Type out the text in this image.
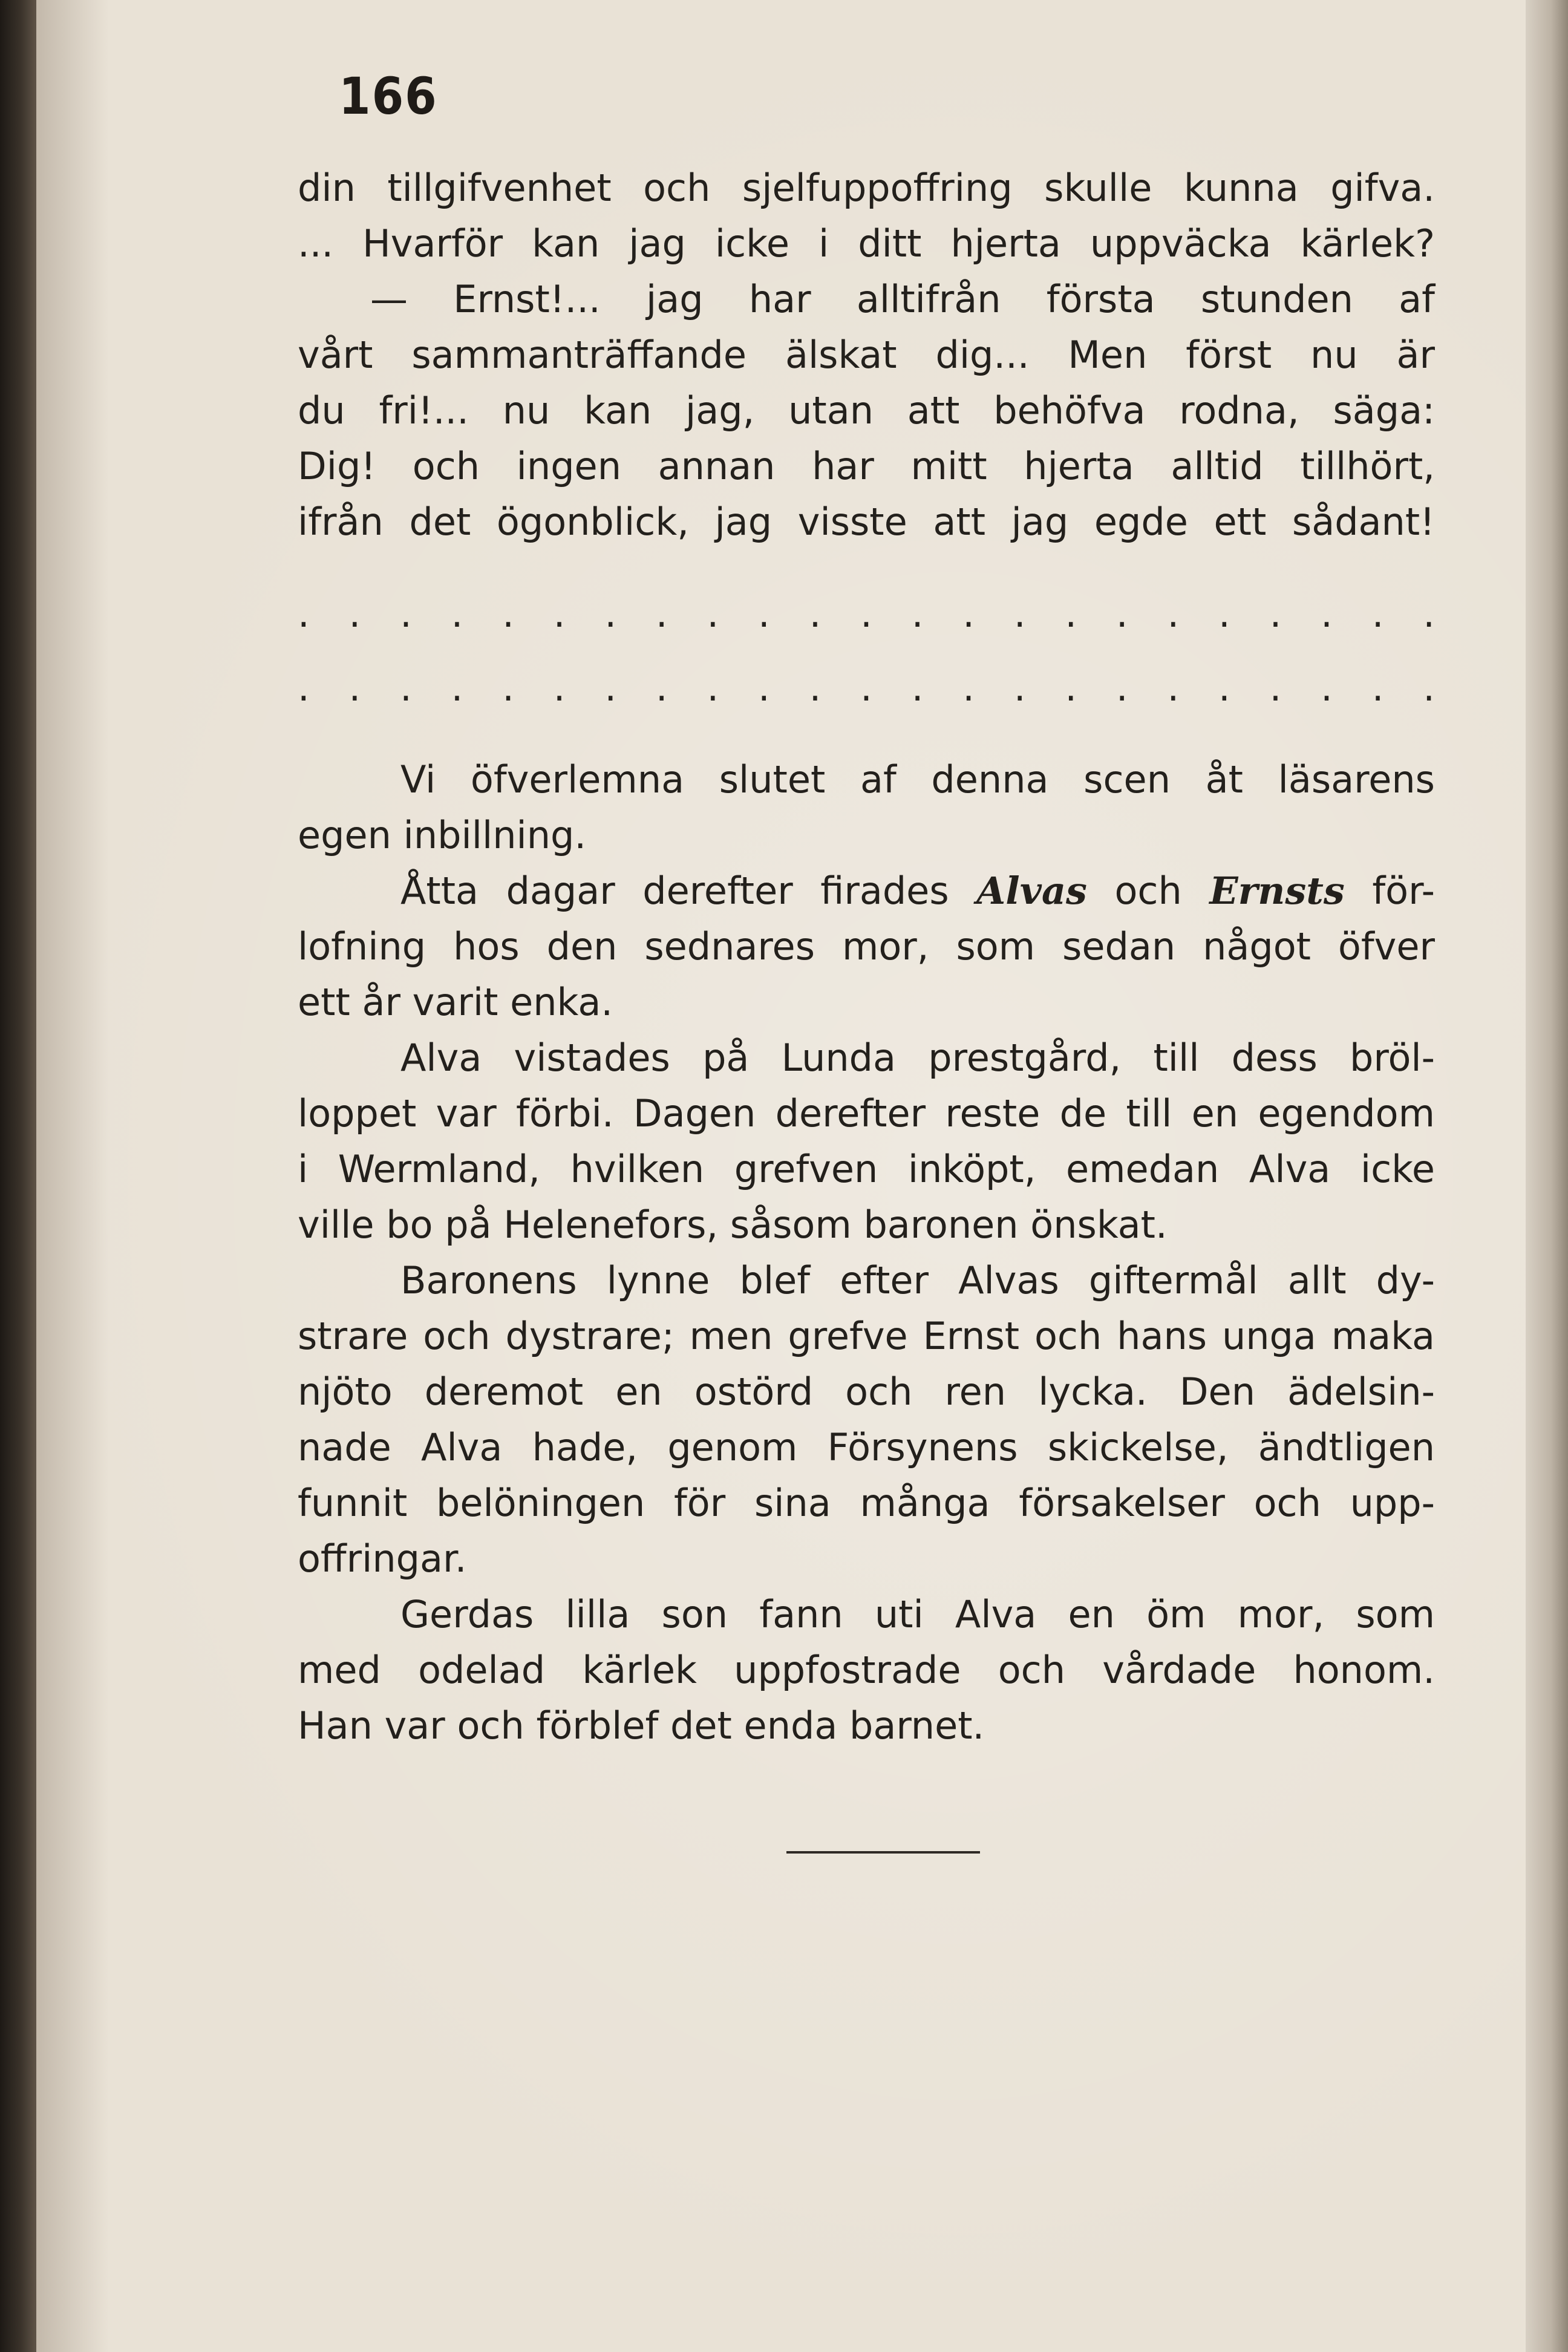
166
din tillgifvenhet och sjelfuppoffring skulle kunna gifva.
... Hvarför kan jag icke i ditt hjerta uppväcka kärlek?
— Ernst!... jag har alltifrån första stunden af
vårt sammanträffande älskat dig... Men först nu är
du fri!... nu kan jag, utan att behöfva rodna, säga:
Dig! och ingen annan har mitt hjerta alltid tillhört,
ifrån det ögonblick, jag visste att jag egde ett sådant!
. . . . . . . . . . . . . . . . . . . . . . .
. . . . . . . . . . . . . . . . . . . . . . .
Vi öfverlemna slutet af denna scen åt läsarens
egen inbillning.
Åtta dagar derefter firades Alvas och Ernsts för-
lofning hos den sednares mor, som sedan något öfver
ett år varit enka.
Alva vistades på Lunda prestgård, till dess bröl-
loppet var förbi. Dagen derefter reste de till en egendom
i Wermland, hvilken grefven inköpt, emedan Alva icke
ville bo på Helenefors, såsom baronen önskat.
Baronens lynne blef efter Alvas giftermål allt dy-
strare och dystrare; men grefve Ernst och hans unga maka
njöto deremot en ostörd och ren lycka. Den ädelsin-
nade Alva hade, genom Försynens skickelse, ändtligen
funnit belöningen för sina många försakelser och upp-
offringar.
Gerdas lilla son fann uti Alva en öm mor, som
med odelad kärlek uppfostrade och vårdade honom.
Han var och förblef det enda barnet.
